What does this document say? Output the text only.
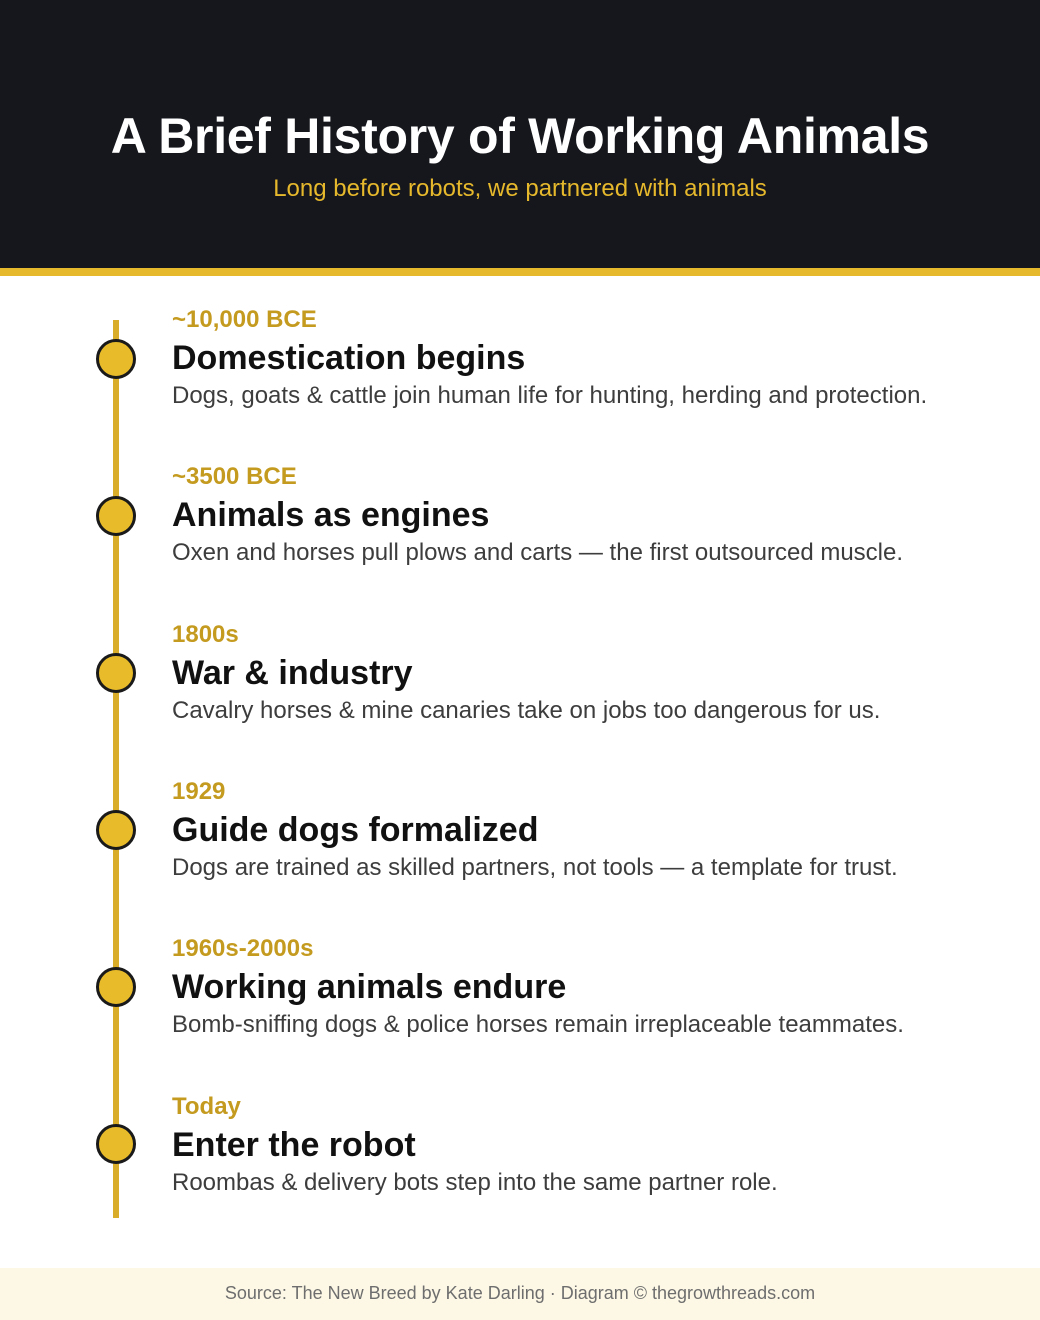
A Brief History of Working Animals
Long before robots, we partnered with animals
~10,000 BCE
Domestication begins
Dogs, goats & cattle join human life for hunting, herding and protection.
~3500 BCE
Animals as engines
Oxen and horses pull plows and carts — the first outsourced muscle.
1800s
War & industry
Cavalry horses & mine canaries take on jobs too dangerous for us.
1929
Guide dogs formalized
Dogs are trained as skilled partners, not tools — a template for trust.
1960s-2000s
Working animals endure
Bomb-sniffing dogs & police horses remain irreplaceable teammates.
Today
Enter the robot
Roombas & delivery bots step into the same partner role.
Source: The New Breed by Kate Darling · Diagram © thegrowthreads.com
